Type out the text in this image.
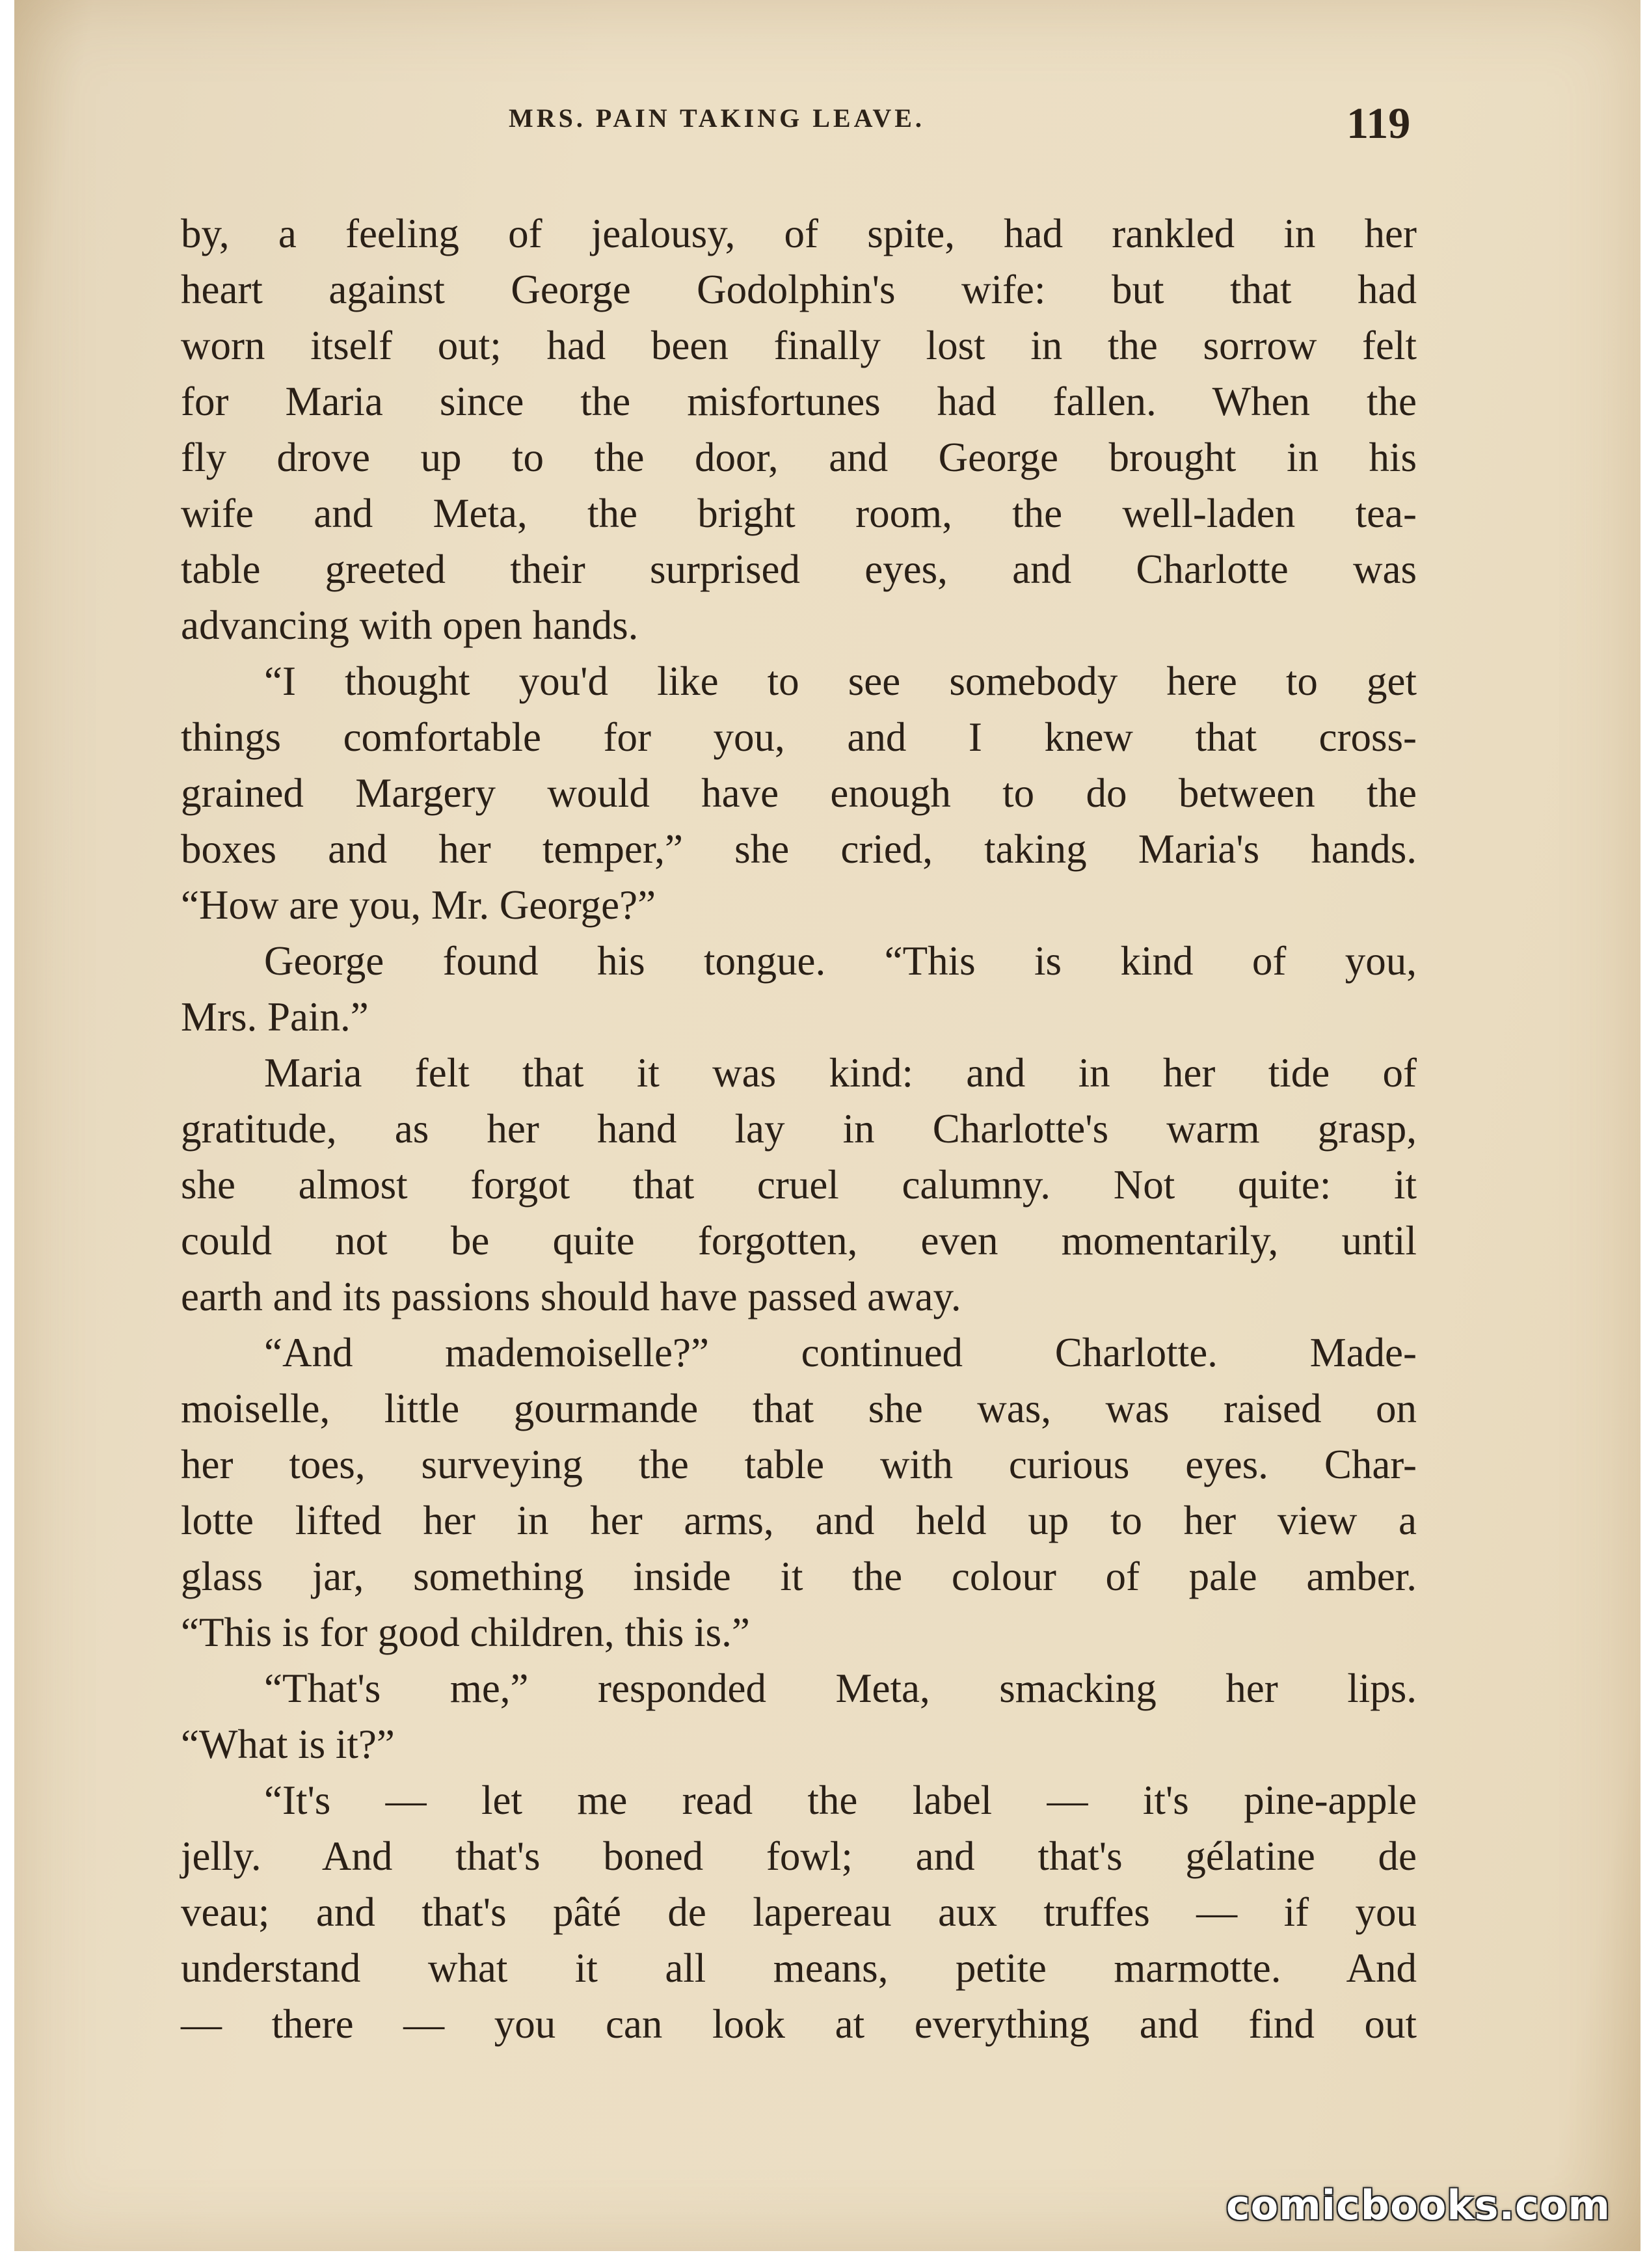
MRS. PAIN TAKING LEAVE.	119

by, a feeling of jealousy, of spite, had rankled in her
heart against George Godolphin's wife: but that had
worn itself out; had been finally lost in the sorrow felt
for Maria since the misfortunes had fallen. When the
fly drove up to the door, and George brought in his
wife and Meta, the bright room, the well-laden tea-
table greeted their surprised eyes, and Charlotte was
advancing with open hands.

“I thought you'd like to see somebody here to get
things comfortable for you, and I knew that cross-
grained Margery would have enough to do between the
boxes and her temper,” she cried, taking Maria's hands.
“How are you, Mr. George?”

George found his tongue. “This is kind of you,
Mrs. Pain.”

Maria felt that it was kind: and in her tide of
gratitude, as her hand lay in Charlotte's warm grasp,
she almost forgot that cruel calumny. Not quite: it
could not be quite forgotten, even momentarily, until
earth and its passions should have passed away.

“And mademoiselle?” continued Charlotte. Made-
moiselle, little gourmande that she was, was raised on
her toes, surveying the table with curious eyes. Char-
lotte lifted her in her arms, and held up to her view a
glass jar, something inside it the colour of pale amber.
“This is for good children, this is.”

“That's me,” responded Meta, smacking her lips.
“What is it?”

“It's — let me read the label — it's pine-apple
jelly. And that's boned fowl; and that's gélatine de
veau; and that's pâté de lapereau aux truffes — if you
understand what it all means, petite marmotte. And
— there — you can look at everything and find out

comicbooks.com
